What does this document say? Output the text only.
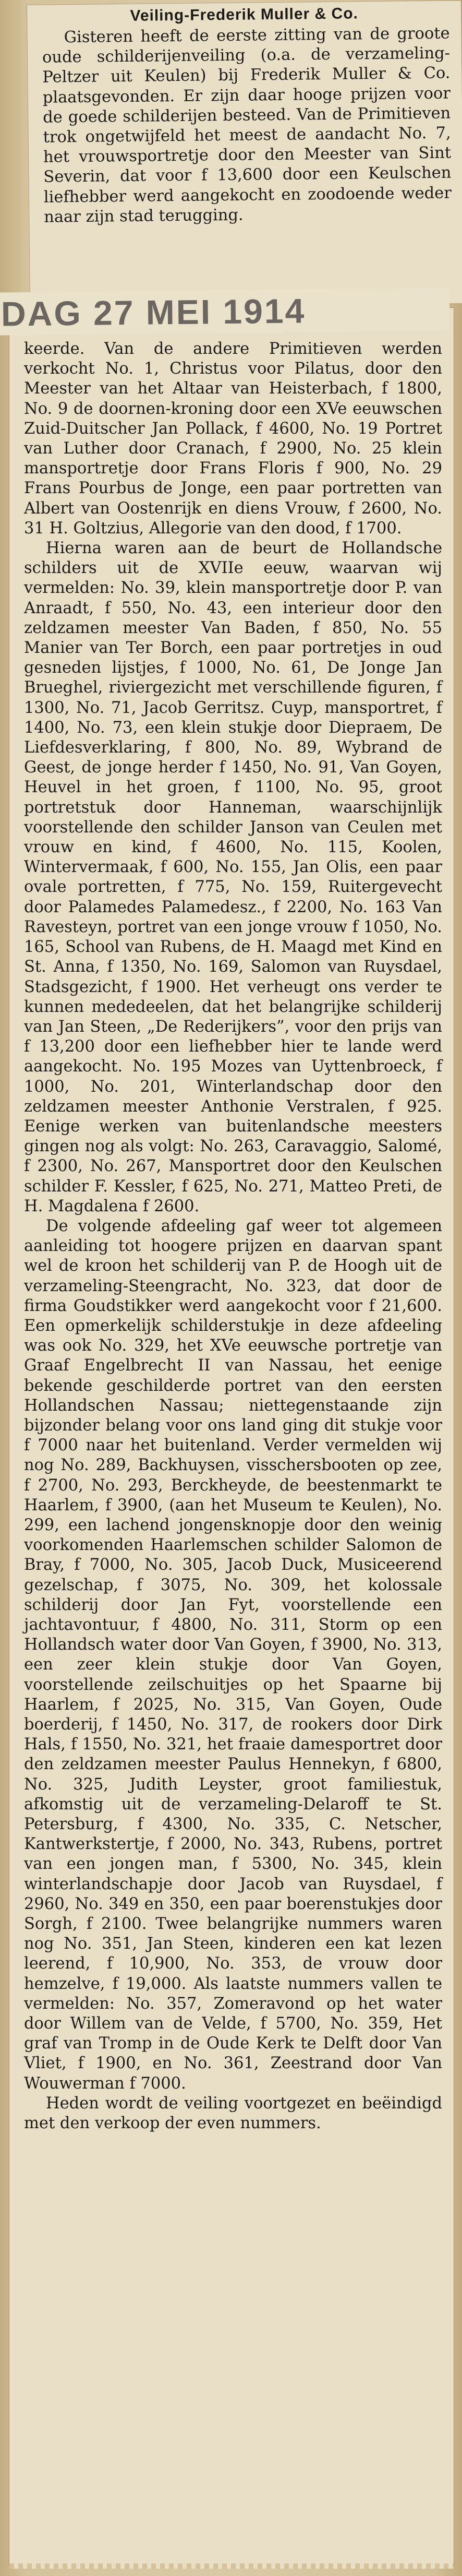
Veiling-Frederik Muller & Co.

Gisteren heeft de eerste zitting van de groote oude schilderijenveiling (o.a. de verzameling-Peltzer uit Keulen) bij Frederik Muller & Co. plaatsgevonden. Er zijn daar hooge prijzen voor de goede schilderijen besteed. Van de Primitieven trok ongetwijfeld het meest de aandacht No. 7, het vrouwsportretje door den Meester van Sint Severin, dat voor f 13,600 door een Keulschen liefhebber werd aangekocht en zoodoende weder naar zijn stad terugging.

keerde. Van de andere Primitieven werden verkocht No. 1, Christus voor Pilatus, door den Meester van het Altaar van Heisterbach, f 1800, No. 9 de doornen-kroning door een XVe eeuwschen Zuid-Duitscher Jan Pollack, f 4600, No. 19 Portret van Luther door Cranach, f 2900, No. 25 klein mansportretje door Frans Floris f 900, No. 29 Frans Pourbus de Jonge, een paar portretten van Albert van Oostenrijk en diens Vrouw, f 2600, No. 31 H. Goltzius, Allegorie van den dood, f 1700.

Hierna waren aan de beurt de Hollandsche schilders uit de XVIIe eeuw, waarvan wij vermelden: No. 39, klein mansportretje door P. van Anraadt, f 550, No. 43, een interieur door den zeldzamen meester Van Baden, f 850, No. 55 Manier van Ter Borch, een paar portretjes in oud gesneden lijstjes, f 1000, No. 61, De Jonge Jan Brueghel, riviergezicht met verschillende figuren, f 1300, No. 71, Jacob Gerritsz. Cuyp, mansportret, f 1400, No. 73, een klein stukje door Diepraem, De Liefdesverklaring, f 800, No. 89, Wybrand de Geest, de jonge herder f 1450, No. 91, Van Goyen, Heuvel in het groen, f 1100, No. 95, groot portretstuk door Hanneman, waarschijnlijk voorstellende den schilder Janson van Ceulen met vrouw en kind, f 4600, No. 115, Koolen, Wintervermaak, f 600, No. 155, Jan Olis, een paar ovale portretten, f 775, No. 159, Ruitergevecht door Palamedes Palamedesz., f 2200, No. 163 Van Ravesteyn, portret van een jonge vrouw f 1050, No. 165, School van Rubens, de H. Maagd met Kind en St. Anna, f 1350, No. 169, Salomon van Ruysdael, Stadsgezicht, f 1900. Het verheugt ons verder te kunnen mededeelen, dat het belangrijke schilderij van Jan Steen, „De Rederijkers”, voor den prijs van f 13,200 door een liefhebber hier te lande werd aangekocht. No. 195 Mozes van Uyttenbroeck, f 1000, No. 201, Winterlandschap door den zeldzamen meester Anthonie Verstralen, f 925. Eenige werken van buitenlandsche meesters gingen nog als volgt: No. 263, Caravaggio, Salomé, f 2300, No. 267, Mansportret door den Keulschen schilder F. Kessler, f 625, No. 271, Matteo Preti, de H. Magdalena f 2600.

De volgende afdeeling gaf weer tot algemeen aanleiding tot hoogere prijzen en daarvan spant wel de kroon het schilderij van P. de Hoogh uit de verzameling-Steengracht, No. 323, dat door de firma Goudstikker werd aangekocht voor f 21,600. Een opmerkelijk schilderstukje in deze afdeeling was ook No. 329, het XVe eeuwsche portretje van Graaf Engelbrecht II van Nassau, het eenige bekende geschilderde portret van den eersten Hollandschen Nassau; niettegenstaande zijn bijzonder belang voor ons land ging dit stukje voor f 7000 naar het buitenland. Verder vermelden wij nog No. 289, Backhuysen, visschersbooten op zee, f 2700, No. 293, Berckheyde, de beestenmarkt te Haarlem, f 3900, (aan het Museum te Keulen), No. 299, een lachend jongensknopje door den weinig voorkomenden Haarlemschen schilder Salomon de Bray, f 7000, No. 305, Jacob Duck, Musiceerend gezelschap, f 3075, No. 309, het kolossale schilderij door Jan Fyt, voorstellende een jachtavontuur, f 4800, No. 311, Storm op een Hollandsch water door Van Goyen, f 3900, No. 313, een zeer klein stukje door Van Goyen, voorstellende zeilschuitjes op het Spaarne bij Haarlem, f 2025, No. 315, Van Goyen, Oude boerderij, f 1450, No. 317, de rookers door Dirk Hals, f 1550, No. 321, het fraaie damesportret door den zeldzamen meester Paulus Hennekyn, f 6800, No. 325, Judith Leyster, groot familiestuk, afkomstig uit de verzameling-Delaroff te St. Petersburg, f 4300, No. 335, C. Netscher, Kantwerkstertje, f 2000, No. 343, Rubens, portret van een jongen man, f 5300, No. 345, klein winterlandschapje door Jacob van Ruysdael, f 2960, No. 349 en 350, een paar boerenstukjes door Sorgh, f 2100. Twee belangrijke nummers waren nog No. 351, Jan Steen, kinderen een kat lezen leerend, f 10,900, No. 353, de vrouw door hemzelve, f 19,000. Als laatste nummers vallen te vermelden: No. 357, Zomeravond op het water door Willem van de Velde, f 5700, No. 359, Het graf van Tromp in de Oude Kerk te Delft door Van Vliet, f 1900, en No. 361, Zeestrand door Van Wouwerman f 7000.

Heden wordt de veiling voortgezet en beëindigd met den verkoop der even nummers.

DAG 27 MEI 1914
